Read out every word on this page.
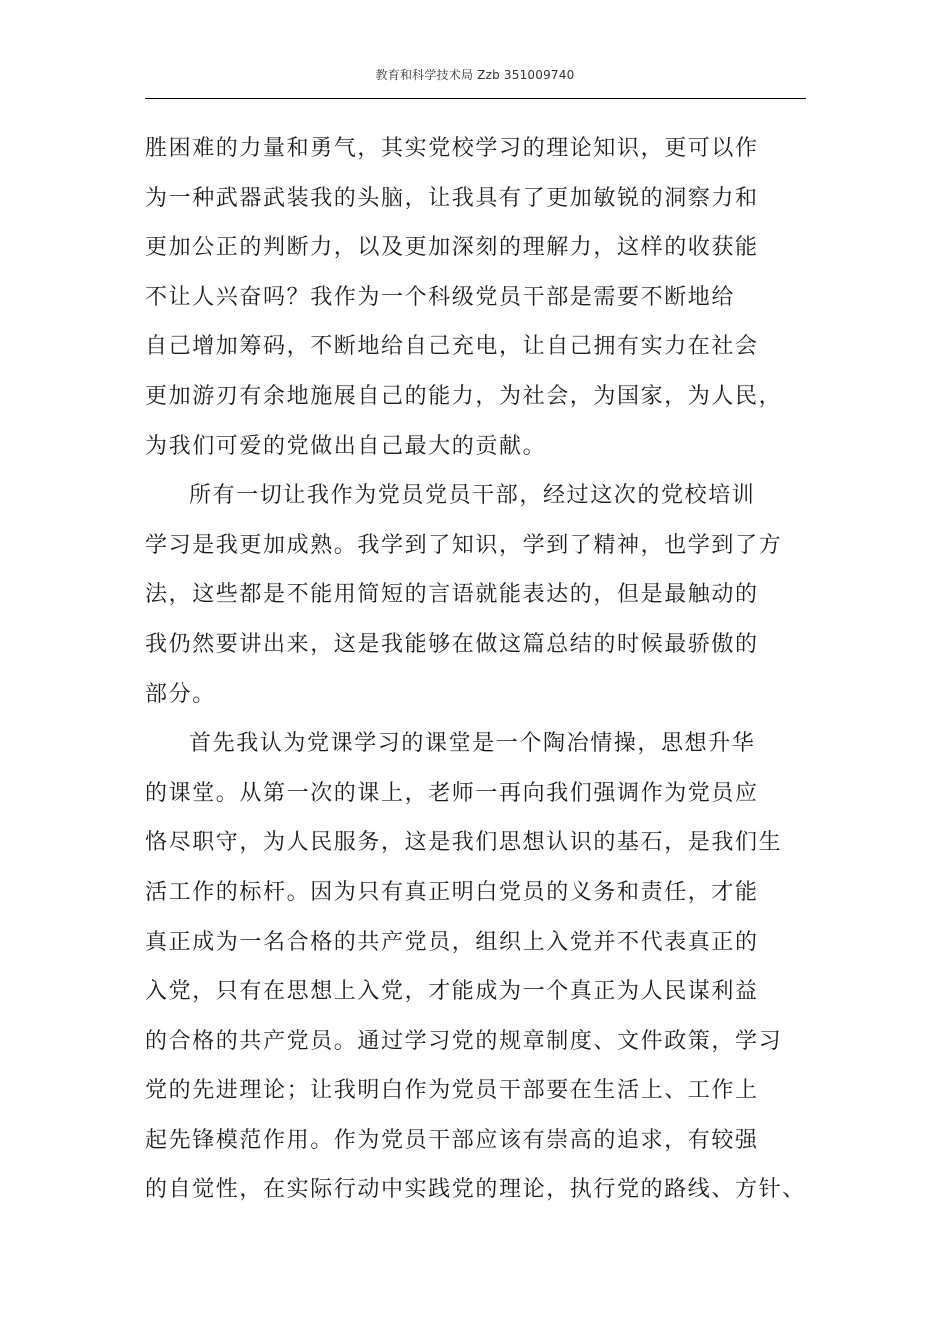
教育和科学技术局 Zzb 351009740
胜困难的力量和勇气，其实党校学习的理论知识，更可以作
为一种武器武装我的头脑，让我具有了更加敏锐的洞察力和
更加公正的判断力，以及更加深刻的理解力，这样的收获能
不让人兴奋吗？我作为一个科级党员干部是需要不断地给
自己增加筹码，不断地给自己充电，让自己拥有实力在社会
更加游刃有余地施展自己的能力，为社会，为国家，为人民，
为我们可爱的党做出自己最大的贡献。
所有一切让我作为党员党员干部，经过这次的党校培训
学习是我更加成熟。我学到了知识，学到了精神，也学到了方
法，这些都是不能用简短的言语就能表达的，但是最触动的
我仍然要讲出来，这是我能够在做这篇总结的时候最骄傲的
部分。
首先我认为党课学习的课堂是一个陶冶情操，思想升华
的课堂。从第一次的课上，老师一再向我们强调作为党员应
恪尽职守，为人民服务，这是我们思想认识的基石，是我们生
活工作的标杆。因为只有真正明白党员的义务和责任，才能
真正成为一名合格的共产党员，组织上入党并不代表真正的
入党，只有在思想上入党，才能成为一个真正为人民谋利益
的合格的共产党员。通过学习党的规章制度、文件政策，学习
党的先进理论；让我明白作为党员干部要在生活上、工作上
起先锋模范作用。作为党员干部应该有崇高的追求，有较强
的自觉性，在实际行动中实践党的理论，执行党的路线、方针、
